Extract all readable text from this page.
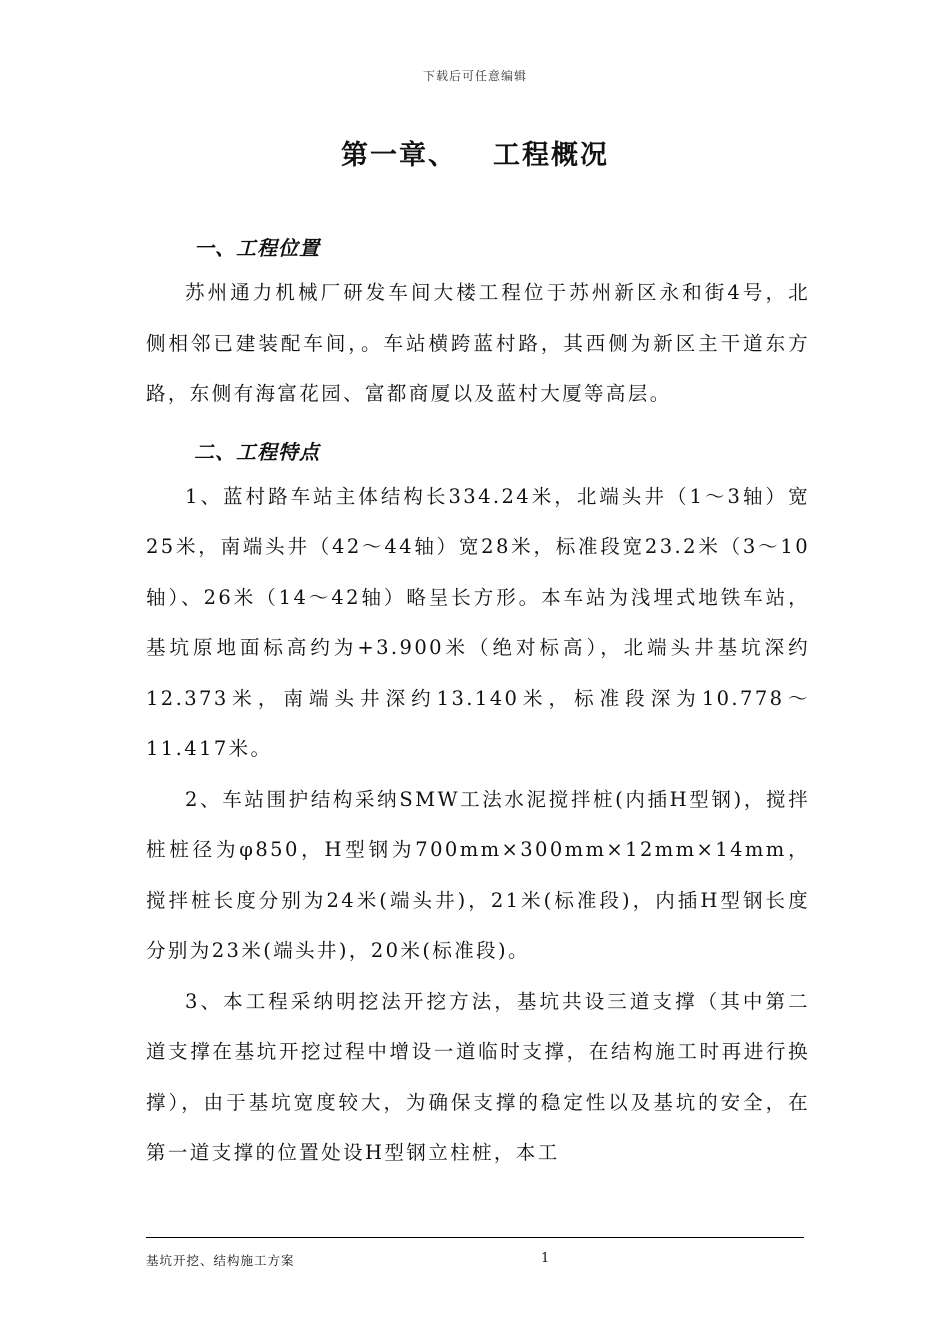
下载后可任意编辑
第一章、 工程概况
一、工程位置

苏州通力机械厂研发车间大楼工程位于苏州新区永和街4号，北侧相邻已建装配车间，。车站横跨蓝村路，其西侧为新区主干道东方路，东侧有海富花园、富都商厦以及蓝村大厦等高层。

二、工程特点

1、蓝村路车站主体结构长334.24米，北端头井（1～3轴）宽25米，南端头井（42～44轴）宽28米，标准段宽23.2米（3～10轴）、26米（14～42轴）略呈长方形。本车站为浅埋式地铁车站，基坑原地面标高约为+3.900米（绝对标高），北端头井基坑深约12.373米，南端头井深约13.140米，标准段深为10.778～11.417米。

2、车站围护结构采纳SMW工法水泥搅拌桩(内插H型钢)，搅拌桩桩径为φ850，H型钢为700mm×300mm×12mm×14mm，搅拌桩长度分别为24米(端头井)，21米(标准段)，内插H型钢长度分别为23米(端头井)，20米(标准段)。

3、本工程采纳明挖法开挖方法，基坑共设三道支撑（其中第二道支撑在基坑开挖过程中增设一道临时支撑，在结构施工时再进行换撑），由于基坑宽度较大，为确保支撑的稳定性以及基坑的安全，在第一道支撑的位置处设H型钢立柱桩，本工

基坑开挖、结构施工方案	1
